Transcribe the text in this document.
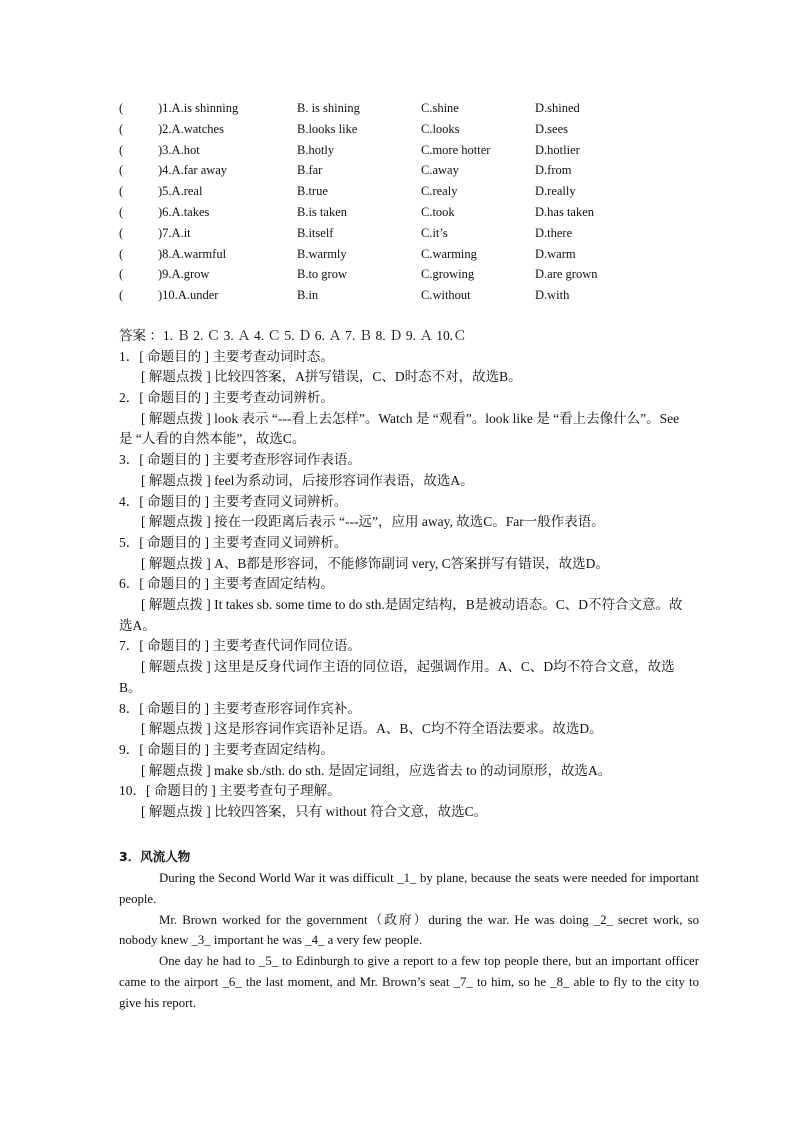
(	)1.A.is shinning	B. is shining	C.shine	D.shined
(	)2.A.watches	B.looks like	C.looks	D.sees
(	)3.A.hot	B.hotly	C.more hotter	D.hotlier
(	)4.A.far away	B.far	C.away	D.from
(	)5.A.real	B.true	C.realy	D.really
(	)6.A.takes	B.is taken	C.took	D.has taken
(	)7.A.it	B.itself	C.it’s	D.there
(	)8.A.warmful	B.warmly	C.warming	D.warm
(	)9.A.grow	B.to grow	C.growing	D.are grown
(	)10.A.under	B.in	C.without	D.with
答案 ：1. Ｂ 2. Ｃ 3. Ａ 4. Ｃ 5. Ｄ 6. Ａ 7. Ｂ 8. Ｄ 9. Ａ 10.Ｃ
1．[ 命题目的 ] 主要考查动词时态。
[ 解题点拨 ] 比较四答案，A拼写错误，C、D时态不对，故选B。
2．[ 命题目的 ] 主要考查动词辨析。
[ 解题点拨 ] look 表示 “---看上去怎样”。Watch 是 “观看”。look like 是 “看上去像什么”。See是 “人看的自然本能”，故选C。
3．[ 命题目的 ] 主要考查形容词作表语。
[ 解题点拨 ] feel为系动词，后接形容词作表语，故选A。
4．[ 命题目的 ] 主要考查同义词辨析。
[ 解题点拨 ] 接在一段距离后表示 “---远”，应用 away, 故选C。Far一般作表语。
5．[ 命题目的 ] 主要考查同义词辨析。
[ 解题点拨 ] A、B都是形容词，不能修饰副词 very, C答案拼写有错误，故选D。
6．[ 命题目的 ] 主要考查固定结构。
[ 解题点拨 ] It takes sb. some time to do sth.是固定结构，B是被动语态。C、D不符合文意。故选A。
7．[ 命题目的 ] 主要考查代词作同位语。
[ 解题点拨 ] 这里是反身代词作主语的同位语，起强调作用。A、C、D均不符合文意，故选 B。
8．[ 命题目的 ] 主要考查形容词作宾补。
[ 解题点拨 ] 这是形容词作宾语补足语。A、B、C均不符全语法要求。故选D。
9．[ 命题目的 ] 主要考查固定结构。
[ 解题点拨 ] make sb./sth. do sth. 是固定词组，应选省去 to 的动词原形，故选A。
10．[ 命题目的 ] 主要考查句子理解。
[ 解题点拨 ] 比较四答案，只有 without 符合文意，故选C。
3．风流人物
During the Second World War it was difficult _1_ by plane, because the seats were needed for important people.
Mr. Brown worked for the government（政府）during the war. He was doing _2_ secret work, so nobody knew _3_ important he was _4_ a very few people.
One day he had to _5_ to Edinburgh to give a report to a few top people there, but an important officer came to the airport _6_ the last moment, and Mr. Brown’s seat _7_ to him, so he _8_ able to fly to the city to give his report.
